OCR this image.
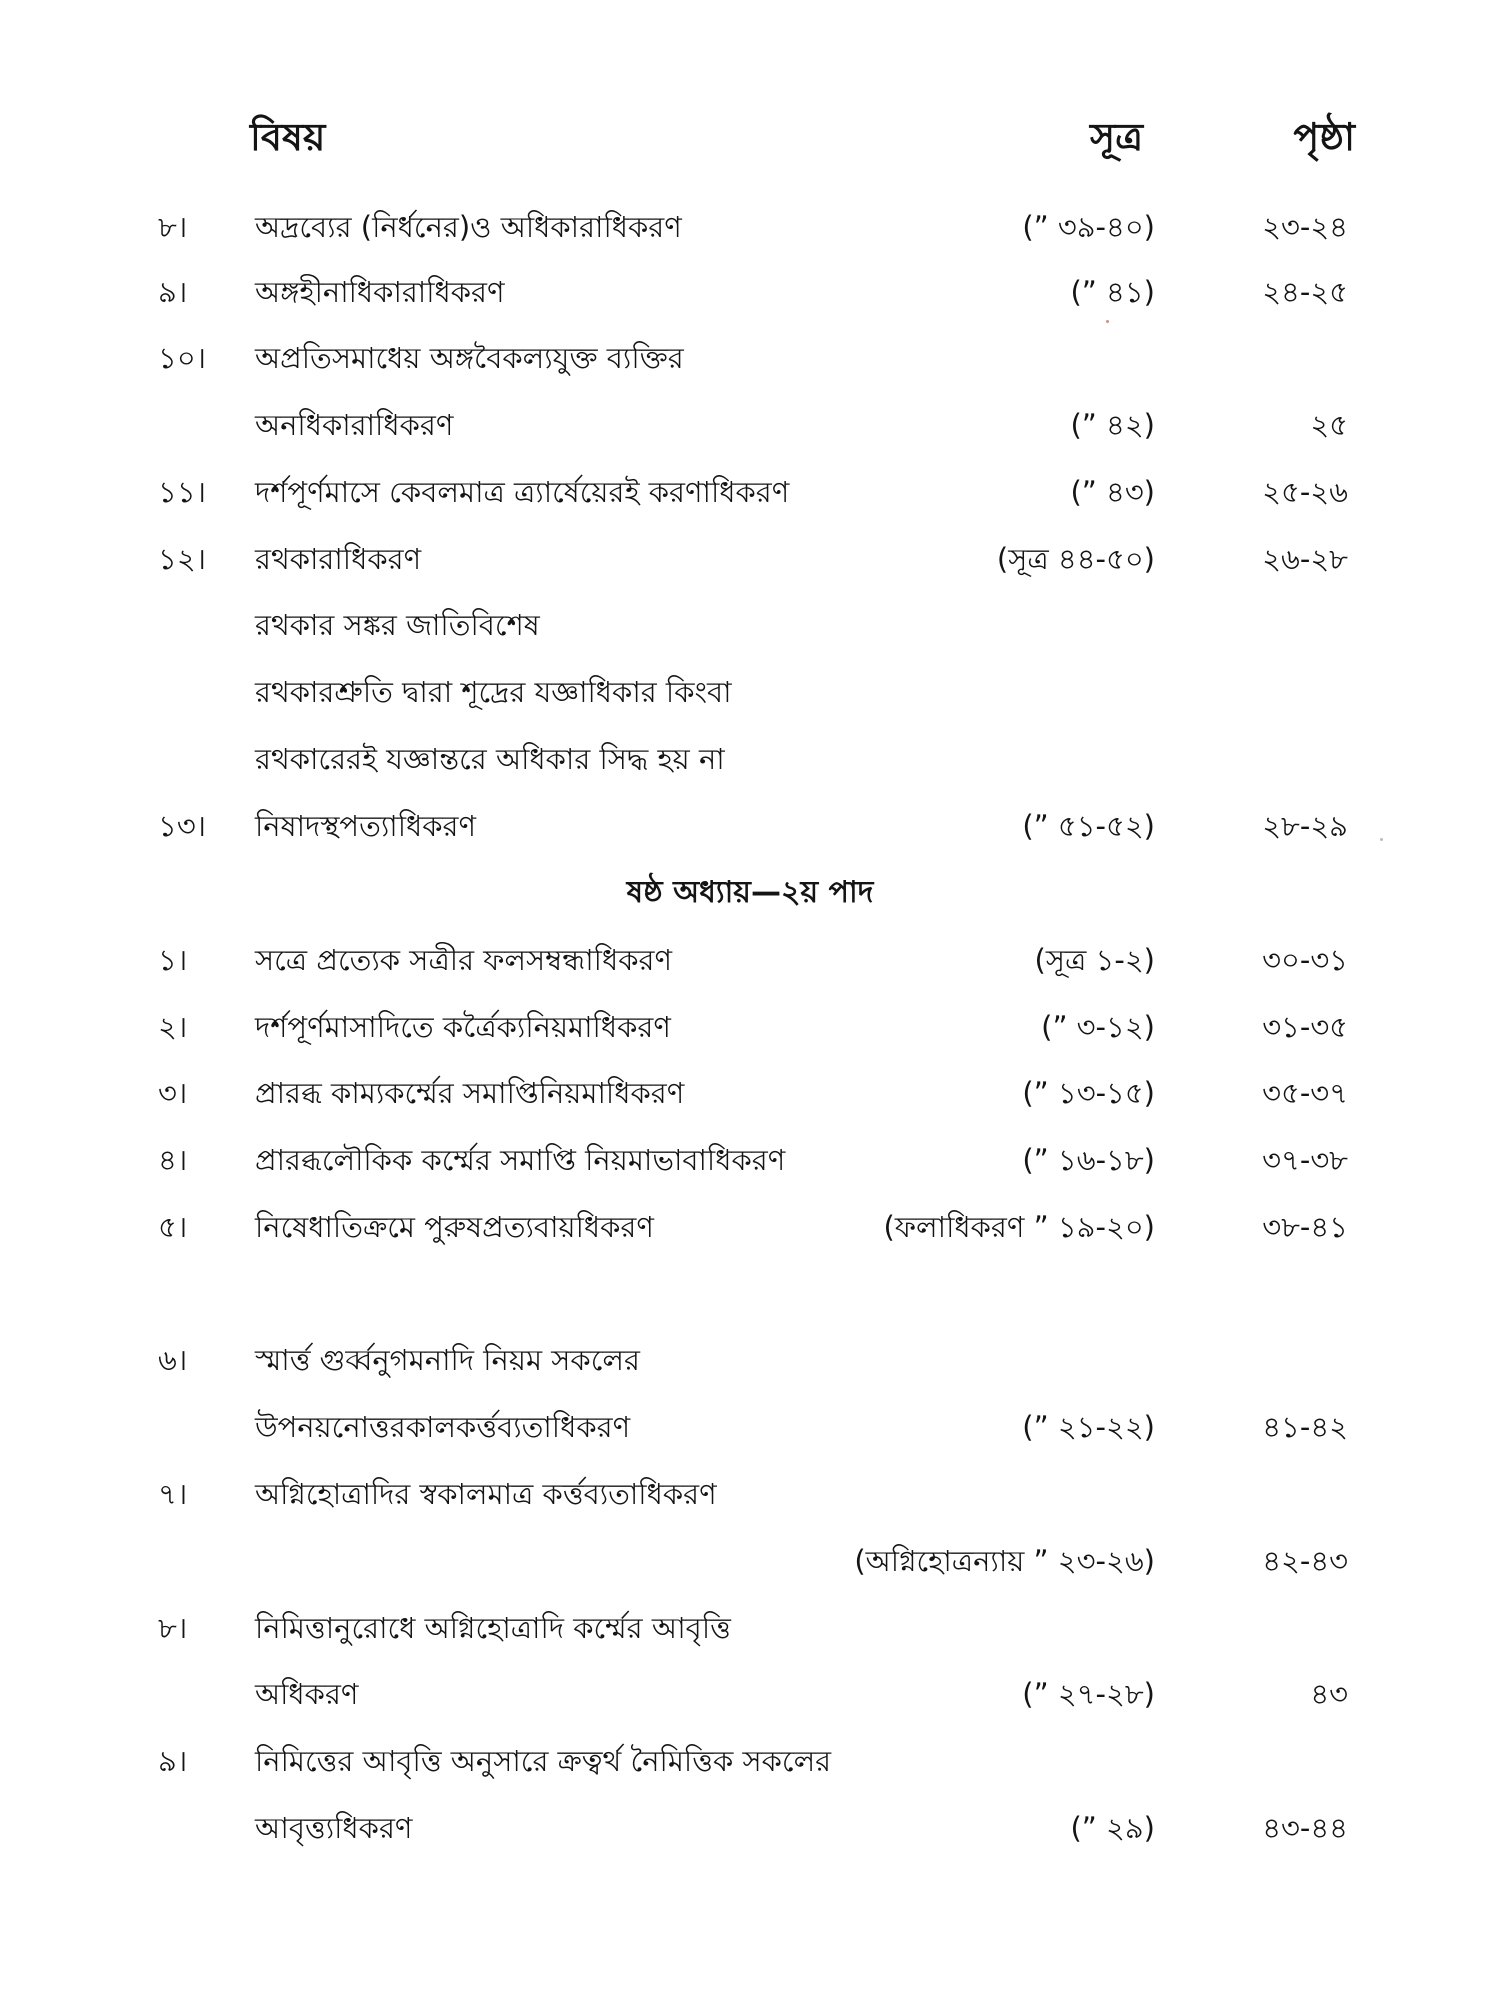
বিষয়	সূত্র	পৃষ্ঠা
৮।	অদ্রব্যের (নির্ধনের)ও অধিকারাধিকরণ	(” ৩৯-৪০)	২৩-২৪
৯।	অঙ্গহীনাধিকারাধিকরণ	(” ৪১)	২৪-২৫
১০।	অপ্রতিসমাধেয় অঙ্গবৈকল্যযুক্ত ব্যক্তির
অনধিকারাধিকরণ	(” ৪২)	২৫
১১।	দর্শপূর্ণমাসে কেবলমাত্র ত্র্যার্ষেয়েরই করণাধিকরণ	(” ৪৩)	২৫-২৬
১২।	রথকারাধিকরণ	(সূত্র ৪৪-৫০)	২৬-২৮
রথকার সঙ্কর জাতিবিশেষ
রথকারশ্রুতি দ্বারা শূদ্রের যজ্ঞাধিকার কিংবা
রথকারেরই যজ্ঞান্তরে অধিকার সিদ্ধ হয় না
১৩।	নিষাদস্থপত্যাধিকরণ	(” ৫১-৫২)	২৮-২৯
ষষ্ঠ অধ্যায়—২য় পাদ
১।	সত্রে প্রত্যেক সত্রীর ফলসম্বন্ধাধিকরণ	(সূত্র ১-২)	৩০-৩১
২।	দর্শপূর্ণমাসাদিতে কর্ত্রৈক্যনিয়মাধিকরণ	(” ৩-১২)	৩১-৩৫
৩।	প্রারব্ধ কাম্যকর্ম্মের সমাপ্তিনিয়মাধিকরণ	(” ১৩-১৫)	৩৫-৩৭
৪।	প্রারব্ধলৌকিক কর্ম্মের সমাপ্তি নিয়মাভাবাধিকরণ	(” ১৬-১৮)	৩৭-৩৮
৫।	নিষেধাতিক্রমে পুরুষপ্রত্যবায়ধিকরণ	(ফলাধিকরণ ” ১৯-২০)	৩৮-৪১
৬।	স্মার্ত্ত গুর্ব্বনুগমনাদি নিয়ম সকলের
উপনয়নোত্তরকালকর্ত্তব্যতাধিকরণ	(” ২১-২২)	৪১-৪২
৭।	অগ্নিহোত্রাদির স্বকালমাত্র কর্ত্তব্যতাধিকরণ
(অগ্নিহোত্রন্যায় ” ২৩-২৬)	৪২-৪৩
৮।	নিমিত্তানুরোধে অগ্নিহোত্রাদি কর্ম্মের আবৃত্তি
অধিকরণ	(” ২৭-২৮)	৪৩
৯।	নিমিত্তের আবৃত্তি অনুসারে ক্রত্বর্থ নৈমিত্তিক সকলের
আবৃত্ত্যধিকরণ	(” ২৯)	৪৩-৪৪
